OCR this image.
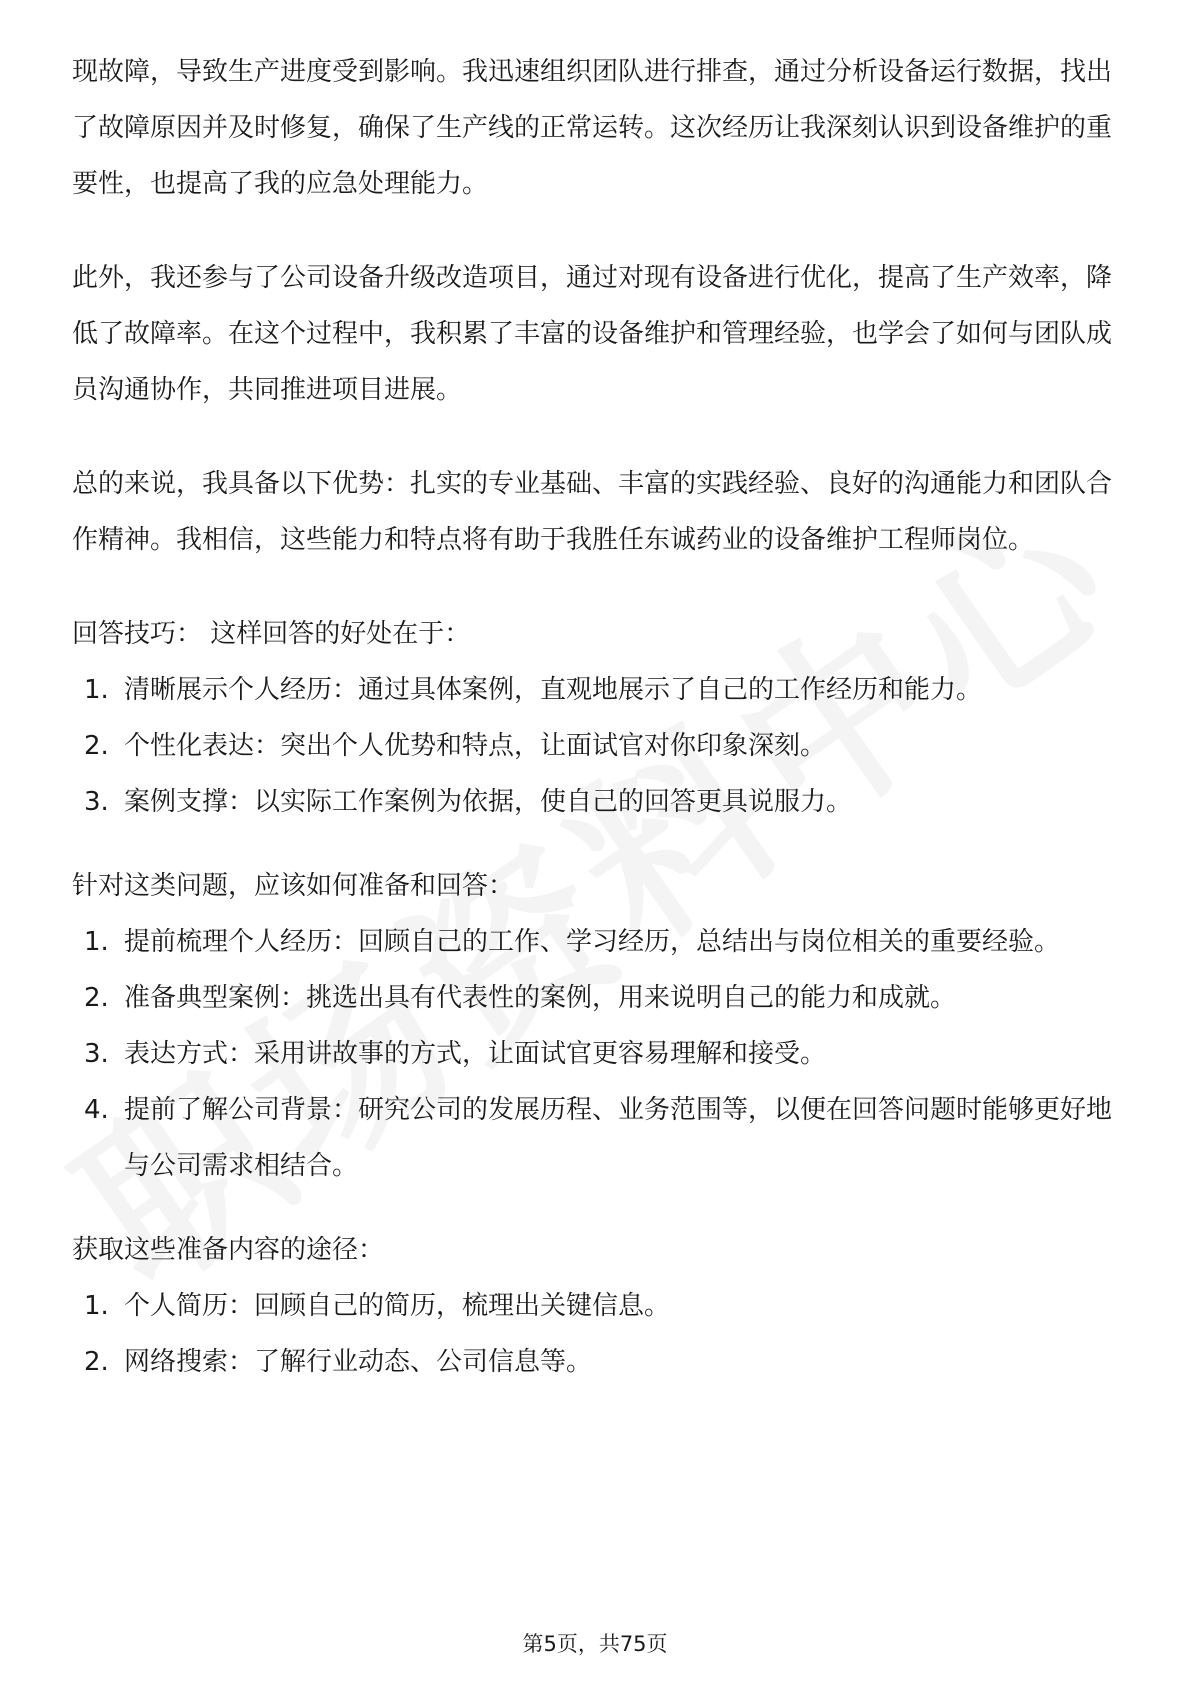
现故障，导致生产进度受到影响。我迅速组织团队进行排查，通过分析设备运行数据，找出了故障原因并及时修复，确保了生产线的正常运转。这次经历让我深刻认识到设备维护的重要性，也提高了我的应急处理能力。

此外，我还参与了公司设备升级改造项目，通过对现有设备进行优化，提高了生产效率，降低了故障率。在这个过程中，我积累了丰富的设备维护和管理经验，也学会了如何与团队成员沟通协作，共同推进项目进展。

总的来说，我具备以下优势：扎实的专业基础、丰富的实践经验、良好的沟通能力和团队合作精神。我相信，这些能力和特点将有助于我胜任东诚药业的设备维护工程师岗位。

回答技巧： 这样回答的好处在于：

1. 清晰展示个人经历：通过具体案例，直观地展示了自己的工作经历和能力。
2. 个性化表达：突出个人优势和特点，让面试官对你印象深刻。
3. 案例支撑：以实际工作案例为依据，使自己的回答更具说服力。

针对这类问题，应该如何准备和回答：

1. 提前梳理个人经历：回顾自己的工作、学习经历，总结出与岗位相关的重要经验。
2. 准备典型案例：挑选出具有代表性的案例，用来说明自己的能力和成就。
3. 表达方式：采用讲故事的方式，让面试官更容易理解和接受。
4. 提前了解公司背景：研究公司的发展历程、业务范围等，以便在回答问题时能够更好地与公司需求相结合。

获取这些准备内容的途径：

1. 个人简历：回顾自己的简历，梳理出关键信息。
2. 网络搜索：了解行业动态、公司信息等。
第5页，共75页
